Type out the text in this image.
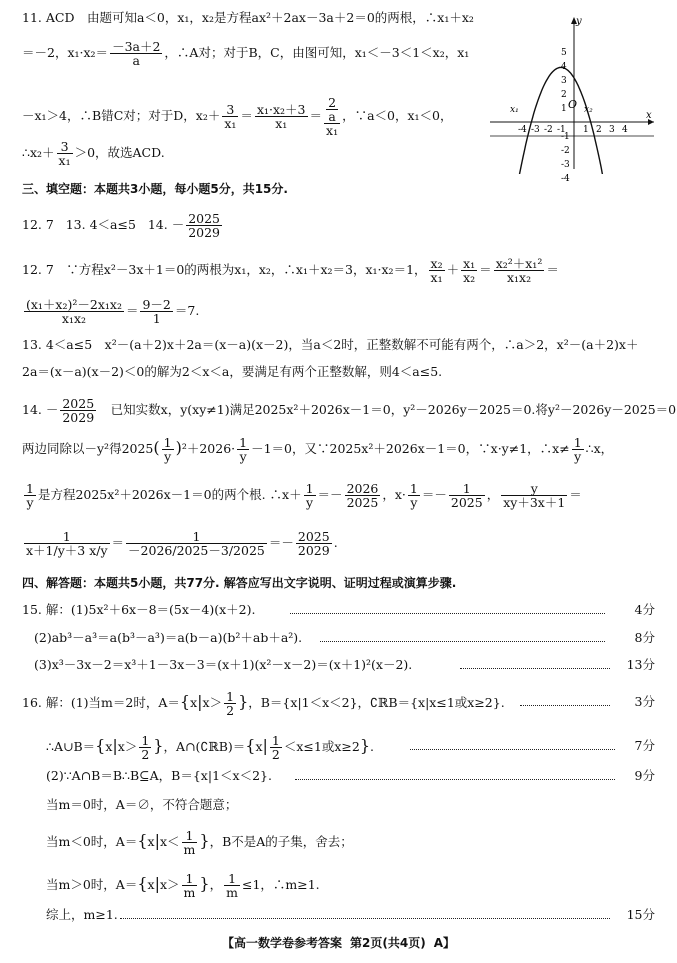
11. ACD　由题可知a＜0，x₁，x₂是方程ax²＋2ax－3a＋2＝0的两根，∴x₁＋x₂
＝－2，$x_1\cdot x_2= \frac{-3a+2}{a}$ ，∴A对；对于B，C，由图可知，x₁＜－3＜1＜x₂，x₁
－x₁＞4，∴B错C对；对于D，$x_2+ \frac{3}{\text{x₁}} = \frac{\text{x₁·x₂＋3}}{\text{x₁}} = \frac{\frac{2}{a}}{\text{x₁}}$ ，∵a＜0，x₁＜0，
∴x₂＋ $\frac{3}{\text{x₁}} >0$，故选ACD.
-4 -3 -2 -1 1 2 3 4
5
4
3
2
1
-1
-2
-3
-4
y
x
O
x₁	x₂
三、填空题：本题共3小题，每小题5分，共15分.
12. 7 13. 4＜a≤5 14. － $\frac{2025}{2029}$
12. 7　∵方程x²－3x＋1＝0的两根为x₁，x₂，∴x₁＋x₂＝3，x₁·x₂＝1， $\frac{\text{x₂}}{\text{x₁}} + \frac{\text{x₁}}{\text{x₂}} = \frac{\text{x₂²＋x₁²}}{\text{x₁x₂}}$ ＝
$\frac{\text{(x₁＋x₂)²－2x₁x₂}}{\text{x₁x₂}} = \frac{9-2}{1} =7$.
13. 4＜a≤5　x²－(a＋2)x＋2a＝(x－a)(x－2)，当a＜2时，正整数解不可能有两个，∴a＞2，x²－(a＋2)x＋
2a＝(x－a)(x－2)＜0的解为2＜x＜a，要满足有两个正整数解，则4＜a≤5.
14. － $\frac{2025}{2029}$ 　已知实数x，y(xy≠1)满足2025x²＋2026x－1＝0，y²－2026y－2025＝0.将y²－2026y－2025＝0
两边同除以－y²得$2025( \frac{1}{y} )^2+2026\cdot \frac{1}{y} -1=0$，又∵2025x²＋2026x－1＝0，∵x·y≠1，∴x≠ $\frac{1}{y}$ ∴x，
$\frac{1}{y}$ 是方程2025x²＋2026x－1＝0的两个根. ∴x＋ $\frac{1}{y} =- \frac{2026}{2025}$ ，$x\cdot \frac{1}{y} =- \frac{1}{2025}$ ， $\frac{y}{xy+3x+1}$ ＝
$\frac{1}{x+1/y+3 x/y} = \frac{1}{-2026/2025-3/2025} =- \frac{2025}{2029}$ .
四、解答题：本题共5小题，共77分. 解答应写出文字说明、证明过程或演算步骤.
15. 解：(1)5x²＋6x－8＝(5x－4)(x＋2).	4分
(2)ab³－a³＝a(b³－a³)＝a(b－a)(b²＋ab＋a²).	8分
(3)x³－3x－2＝x³＋1－3x－3＝(x＋1)(x²－x－2)＝(x＋1)²(x－2).	13分
16. 解：(1)当m＝2时，$A=\{x|x> \frac{1}{2}$ }，B＝{x|1＜x＜2}，∁ℝB＝{x|x≤1或x≥2}.	3分
∴A∪B＝{x|x＞ $\frac{1}{2}$ }，A∩(∁ℝB)＝{x| $\frac{1}{2} <x\le 1$或x≥2}.	7分
(2)∵A∩B＝B∴B⊆A，B＝{x|1＜x＜2}.	9分
当m＝0时，A＝∅，不符合题意；
当m＜0时，$A=\{x|x< \frac{1}{m}$ }，B不是A的子集，舍去；
当m＞0时，$A=\{x|x> \frac{1}{m}$ }， $\frac{1}{m} \le 1$，∴m≥1.
综上，m≥1.	15分
【高一数学卷参考答案 第2页(共4页) A】
